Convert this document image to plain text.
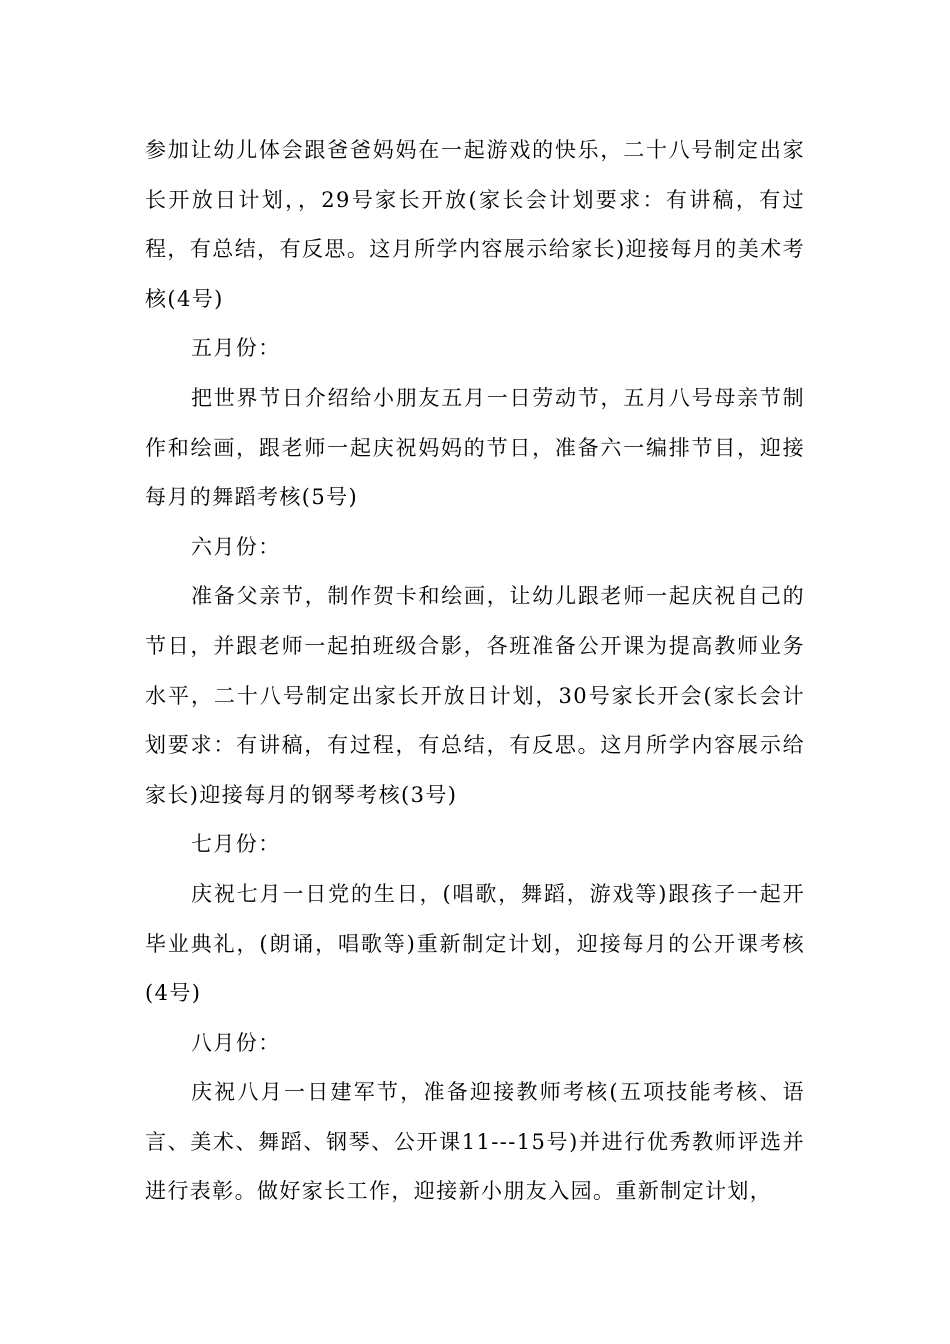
参加让幼儿体会跟爸爸妈妈在一起游戏的快乐，二十八号制定出家长开放日计划，，29号家长开放(家长会计划要求：有讲稿，有过程，有总结，有反思。这月所学内容展示给家长)迎接每月的美术考核(4号)

五月份：

把世界节日介绍给小朋友五月一日劳动节，五月八号母亲节制作和绘画，跟老师一起庆祝妈妈的节日，准备六一编排节目，迎接每月的舞蹈考核(5号)

六月份：

准备父亲节，制作贺卡和绘画，让幼儿跟老师一起庆祝自己的节日，并跟老师一起拍班级合影，各班准备公开课为提高教师业务水平，二十八号制定出家长开放日计划，30号家长开会(家长会计划要求：有讲稿，有过程，有总结，有反思。这月所学内容展示给家长)迎接每月的钢琴考核(3号)

七月份：

庆祝七月一日党的生日，(唱歌，舞蹈，游戏等)跟孩子一起开毕业典礼，(朗诵，唱歌等)重新制定计划，迎接每月的公开课考核(4号)

八月份：

庆祝八月一日建军节，准备迎接教师考核(五项技能考核、语言、美术、舞蹈、钢琴、公开课11---15号)并进行优秀教师评选并进行表彰。做好家长工作，迎接新小朋友入园。重新制定计划，
